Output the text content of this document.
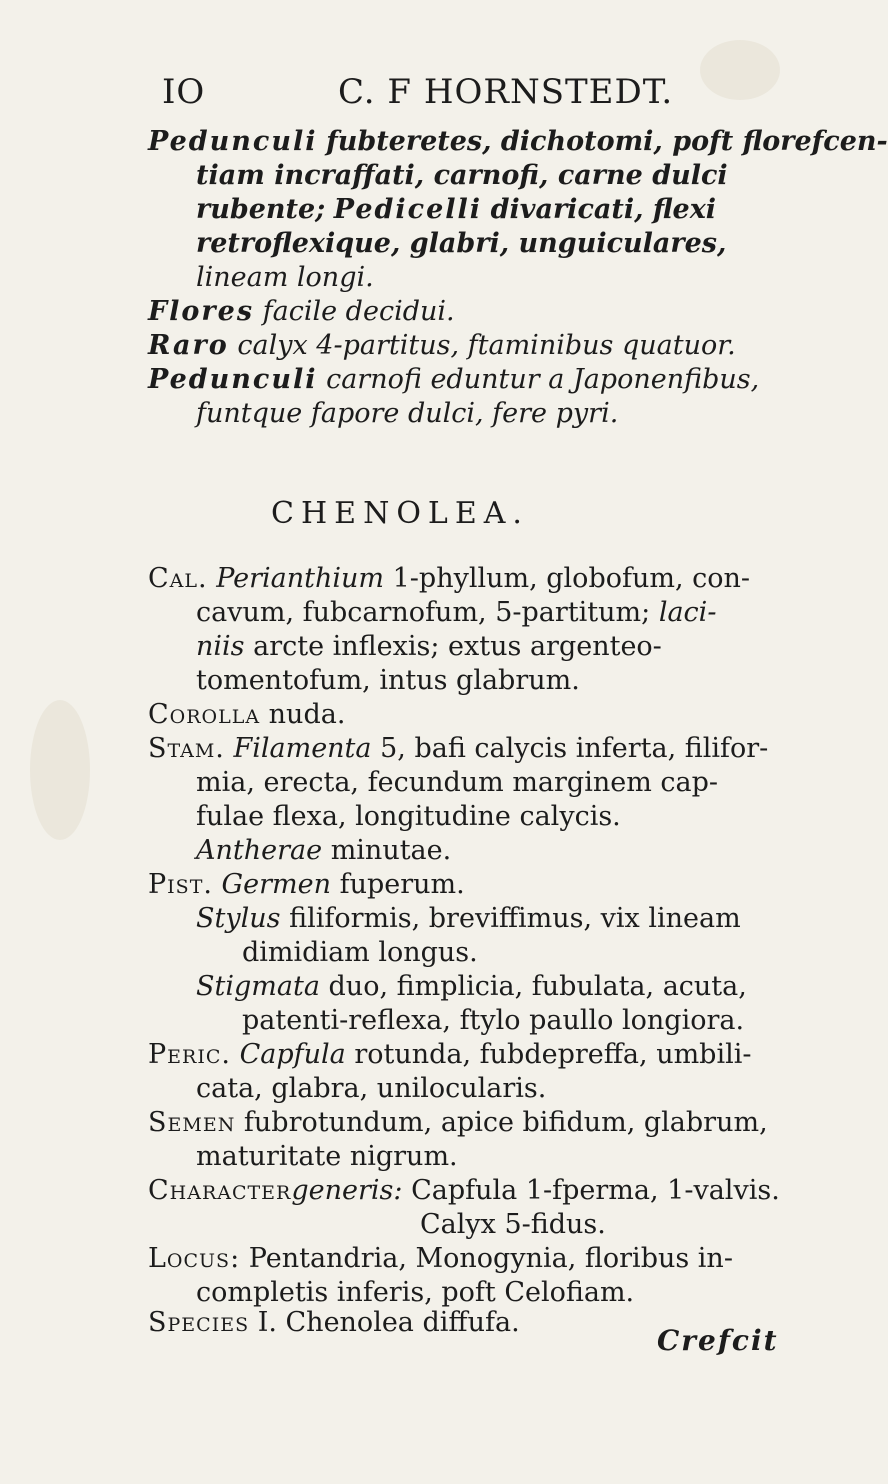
IO	C. F HORNSTEDT.
Pedunculi fubteretes, dichotomi, poft florefcen-
tiam incraffati, carnofi, carne dulci
rubente; Pedicelli divaricati, flexi
retroflexique, glabri, unguiculares,
lineam longi.
Flores facile decidui.
Raro calyx 4-partitus, ftaminibus quatuor.
Pedunculi carnofi eduntur a Japonenfibus,
funtque fapore dulci, fere pyri.
CHENOLEA.
Cal. Perianthium 1-phyllum, globofum, con-
cavum, fubcarnofum, 5-partitum; laci-
niis arcte inflexis; extus argenteo-
tomentofum, intus glabrum.
Corolla nuda.
Stam. Filamenta 5, bafi calycis inferta, filifor-
mia, erecta, fecundum marginem cap-
fulae flexa, longitudine calycis.
Antherae minutae.
Pist. Germen fuperum.
Stylus filiformis, breviffimus, vix lineam
dimidiam longus.
Stigmata duo, fimplicia, fubulata, acuta,
patenti-reflexa, ftylo paullo longiora.
Peric. Capfula rotunda, fubdepreffa, umbili-
cata, glabra, unilocularis.
Semen fubrotundum, apice bifidum, glabrum,
maturitate nigrum.
Charactergeneris: Capfula 1-fperma, 1-valvis.
Calyx 5-fidus.
Locus: Pentandria, Monogynia, floribus in-
completis inferis, poft Celofiam.
Species I. Chenolea diffufa.
Crefcit
